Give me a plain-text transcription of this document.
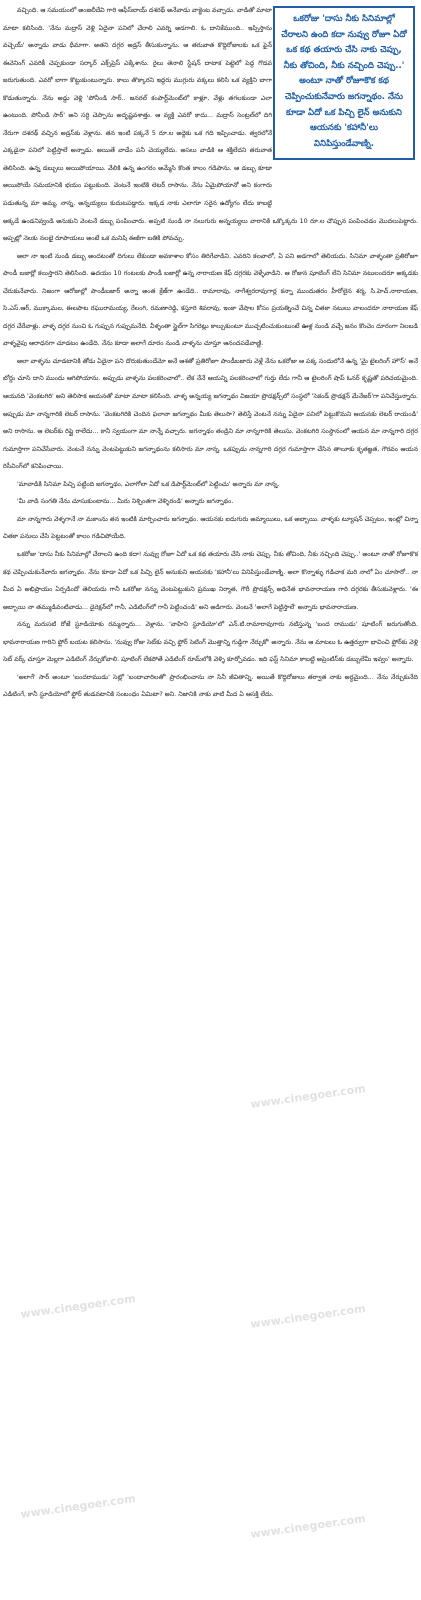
ఒకరోజు 'దాసు నీకు సినిమాల్లో చేరాలని ఉంది కదా నువ్వు రోజూ ఏదో ఒక కథ తయారు చేసి నాకు చెప్పు, నీకు తోచింది, నీకు నచ్చింది చెప్పు..' అంటూ నాతో రోజూకొక కథ చెప్పించుకునేవారు జగన్నాథం. నేను కూడా ఏదో ఒక పిచ్చి లైన్ అనుకుని ఆయనకు 'కహానీ'లు వినిపిస్తుండేవాణ్ని.

వచ్చింది. ఆ సమయంలో అంజలీదేవి గారి ఆఫీస్‌బాయ్ దశరథ్ అనేవాడు వాక్జెంట వచ్చాడు. వాడితో మాటా మాటా కలిసింది. 'నేను మద్రాస్ వెళ్లి ఏదైనా పనిలో చేరాలి ఎవర్ని అడగాలి. ఓ దానికేముంది.. ఇప్పిస్తాను వచ్చెయ్' అన్నాడు వాడు ధీమాగా. అతని దగ్గర అడ్రస్ తీసుకున్నాను. ఆ తరువాత కొద్దిరోజులకు ఒక ఫైన్ ఈవెనింగ్ ఎవరికీ చెప్పకుండా సర్కార్ ఎక్స్‌ప్రెస్ ఎక్కేశాను. రైలు తెనాలి స్టేషన్ దాటాక పెట్టెలో పెద్ద గొడవ జరుగుతుంది. ఎవరో బాగా కొట్టుకుంటున్నారు. కాలు తొక్కారని ఇద్దరు ముగ్గురు వక్కలు కలిసి ఒక వ్యక్తిని బాగా కొడుతున్నారు. నేను అడ్డు వెళ్లి 'పోనీండి సార్.. జనరల్ కంపార్ట్‌మెంట్‌లో కాళ్లూ, వేళ్లు తగలకుండా ఎలా ఉంటుంది. పోనీండి సార్' అని సర్ది చెప్పాను అదృష్టవశాత్తు. ఆ వ్యక్తి ఎవరో కాదు... మద్రాస్ సెంట్రల్‌లో దిగి నేరుగా దశరథ్ వచ్చిన అడ్రస్‌కు వెళ్లాను. తన ఇంటి పక్కనే 5 రూ.ల అద్దెకు ఒక గది ఇప్పించాడు. త్వరలోనే ఎక్కడైనా పనిలో పెట్టిస్తాలే అన్నాడు. అయితే వాడేం పనీ చెయ్యలేదు. అసలు వాడికి ఆ శక్తిలేదని తరువాత తెలిసింది. ఉన్న డబ్బులు అయిపోయాయి. వేలికి ఉన్న ఉంగరం అమ్మేసి కొంత కాలం గడిపాను. ఆ డబ్బు కూడా అయిపోయే సమయానికి భయం పట్టుకుంది. వెంటనే ఇంటికి లెటర్ రాసాను. నేను ఏమైపోయానో అని కంగారు పడుతున్న మా అమ్మ, నాన్న, అన్నయ్యలు కుదుటపడ్డారు. ఇక్కడ నాకు ఎలాగూ సరైన ఉద్యోగం లేదు కాబట్టి అక్కడే ఉండనివ్వండి అనుకుని వెంటనే డబ్బు పంపించారు. అప్పటి నుండి నా నలుగురు అన్నయ్యలు వారానికి ఒక్కొక్కరు 10 రూ.ల చొప్పున పంపించడం మొదలుపెట్టారు. అప్పట్లో నెలకు నలభై రూపాయలు అంటే ఒక మనిషి ఈజీగా బతికి పోవచ్చు.

అలా నా ఇంటి నుండి డబ్బు అందటంతో దిగులు లేకుండా అవకాశాల కోసం తిరిగేవాడిని. ఎవరిని కలవాలో, ఏ పని అడగాలో తెలియదు. సినిమా వాళ్ళంతా ప్రతిరోజూ పాండీ బజార్లో కలుస్తారని తెలిసింది. ఉదయం 10 గంటలకు పాండీ బజార్లో ఉన్న నారాయణ కేఫ్ దగ్గరకు వెళ్ళేవాడిని. ఆ రోజున షూటింగ్ లేని సినిమా నటులందరూ అక్కడకు చేరుకునేవారు. నిజంగా ఆరోజుల్లో పాండీబజార్ అన్నా అంత క్రేజ్‌గా ఉండేది.. రామారావు, నాగేశ్వరరావుగార్ల కన్నా ముందుతరం హీరోలైన శర్మ, సి.హెచ్.నారాయణ, సి.ఎస్.ఆర్, ముక్కామల, ఈలపాట రఘురామయ్య, రేలంగి, రమణారెడ్డి, కస్తూరి శివరావు, ఇంకా వేషాల కోసం ప్రయత్నించే చిన్న చితకా నటులు వాలందరూ నారాయణ కేఫ్ దగ్గర చేరేవాళ్లు. వాళ్ళ దగ్గర నుంచి ఓ గుప్పున గుప్పుమనేది. వీళ్ళంతా స్టైల్‌గా సిగరెట్లు కాల్చుకుంటూ ముచ్చటించుకుంటుంటే ఊళ్ల నుండి వచ్చే జనం కొంచెం దూరంగా నిలబడి వాళ్ళవైపు ఆరాధనగా చూడటం ఉండేది. నేను కూడా అలాగే దూరం నుండి వాళ్ళను చూస్తూ ఆనందపడేవాణ్ణి.

అలా వాళ్ళను చూడటానికి తోడు ఏదైనా పని దొరుకుతుందేమో అనే ఆశతో ప్రతిరోజూ పాండీబజారు వెళ్లే నేను ఒకరోజు ఆ పక్క సందులోనే ఉన్న 'మై టైలరింగ్ హౌస్' అనే బోర్డు చూసి దాని ముందు ఆగిపోయాను. అప్పుడు వాళ్ళను పలకరించాలో.. లేక నేనే ఆయన్ని పలకరించాలో గుర్తు లేదు గానీ ఆ టైలరింగ్ షాప్ ఓనర్ కృష్ణతో పరిచయమైంది. ఆయనది 'వెంకటగిరి' అని తెలిసాక ఆయనతో మాటా మాటా కలిసింది. వాళ్ళ అన్నయ్య జగన్నాథం విజయా ప్రొడక్షన్స్‌లో సంస్థలో 'సెకండ్ ప్రొడక్షన్ మేనేజర్'గా పనిచేస్తున్నారు. అప్పుడు మా నాన్నగారికి లెటర్ రాసాను. 'వెంకటగిరికి చెందిన ఫలానా జగన్నాథం మీకు తెలుసా? తెలిస్తే వెంటనే నన్ను ఏదైనా పనిలో పెట్టుకొమని ఆయనకు లెటర్ రాయండి' అని రాసాను. ఆ లెటర్‌కు రిప్లై రాలేదు... కానీ స్వయంగా మా నాన్నే వచ్చారు. జగన్నాథం తండ్రిని మా నాన్నగారికి తెలుసు. వెంకటగిరి సంస్థానంలో ఆయన మా నాన్నగారి దగ్గర గుమాస్తాగా పనిచేసేవారు. వెంటనే నన్ను వెంటపెట్టుకుని జగన్నాథంను కలిసారు మా నాన్న. ఒకప్పుడు నాన్నగారి దగ్గర గుమాస్తాగా చేసిన తాలూకు కృతజ్ఞత, గౌరవం ఆయన రిసీవింగ్‌లో కనిపించాయి.

'మావాడికి సినిమా పిచ్చి పట్టింది జగన్నాథం, ఎలాగోలా ఏదో ఒక డిపార్ట్‌మెంట్‌లో పెట్టించు' అన్నారు మా నాన్న.

'మీ వాడి సంగతి నేను చూసుకుంటాను... మీరు నిశ్చింతగా వెళ్ళిరండి' అన్నారు జగన్నాథం.

మా నాన్నగారు వెళ్ళగానే నా మకాంను తన ఇంటికి మార్పించారు జగన్నాథం. ఆయనకు ఐదుగురు అమ్మాయిలు, ఒక అబ్బాయి. వాళ్ళకు ట్యూషన్ చెప్పటం, ఇంట్లో చిన్నా చితకా పనులు చేసి పెట్టటంతో కాలం గడిచిపోయేది.

ఒకరోజు 'దాసు నీకు సినిమాల్లో చేరాలని ఉంది కదా! నువ్వు రోజూ ఏదో ఒక కథ తయారు చేసి నాకు చెప్పు. నీకు తోచింది, నీకు నచ్చింది చెప్పు..' అంటూ నాతో రోజూకొక కథ చెప్పించుకునేవారు జగన్నాథం. నేను కూడా ఏదో ఒక పిచ్చి లైన్ అనుకుని ఆయనకు 'కహానీ'లు వినిపిస్తుండేవాణ్ని. అలా కొన్నాళ్ళు గడిచాక మరి నాలో ఏం చూసారో.. నా మీద ఏ అభిప్రాయం ఏర్పడిందో తెలియదు గానీ ఒకరోజు నన్ను వెంటపెట్టుకుని ప్రముఖ నిర్మాత, గౌరీ ప్రొడక్షన్స్ అధినేత భావనారాయణ గారి దగ్గరకు తీసుకువెళ్లారు. 'ఈ అబ్బాయి నా తమ్ముడివంటివాడు... డైరెక్షన్‌లో గానీ, ఎడిటింగ్‌లో గానీ పెట్టించండి' అని అడిగారు. వెంటనే 'అలాగే పెట్టిస్తాలే' అన్నారు భావనారాయణ.

నన్ను మరుసటి రోజే స్టూడియోకు రమ్మన్నారు... వెళ్లాను. 'వాహిని స్టూడియో'లో ఎన్.టి.రామారావుగారు నటిస్తున్న 'బంద రాముడు' షూటింగ్ జరుగుతోంది. భావనారాయణ గారిని ఫ్లోర్ బయట కలిసాను. 'నువ్వు రోజు సెట్‌కు వచ్చి ఫ్లోర్ సెటింగ్ మొత్తాన్ని గుడ్డిగా నేర్చుకో' అన్నారు. నేను ఆ మాటలు ఓ ఉత్తర్వుగా భావించి ఫ్లోర్‌కు వెళ్లి సెట్ వర్క్ చూస్తూ మెల్లగా ఎడిటింగ్ నేర్చుకోవాలి. షూటింగ్ లేకపోతే ఎడిటింగ్ రూమ్‌లోకి వెళ్ళి కూర్చోవడం. ఇది ఫస్ట్ సినిమా కాబట్టి అప్రెంటిస్‌కు డబ్బులేమీ ఇవ్వం' అన్నారు.

'అలాగే' సార్ అంటూ 'బందరాముడు' సెట్లో 'బందాచారిలతో' ప్రారంభించాను నా సినీ జీవితాన్ని. అయితే కొద్దిరోజులు తర్వాత నాకు అర్ధమైంది... నేను నేర్చుకునేది ఎడిటింగే, కానీ స్టూడియోలో ఫ్లోర్ తుడవటానికి సంబంధం ఏమిటా? అని. నిజానికి నాకు వాటి మీద ఏ ఆసక్తి లేదు.

www.cinegoer.com
www.cinegoer.com	www.cinegoer.com
www.cinegoer.com
www.cinegoer.com
